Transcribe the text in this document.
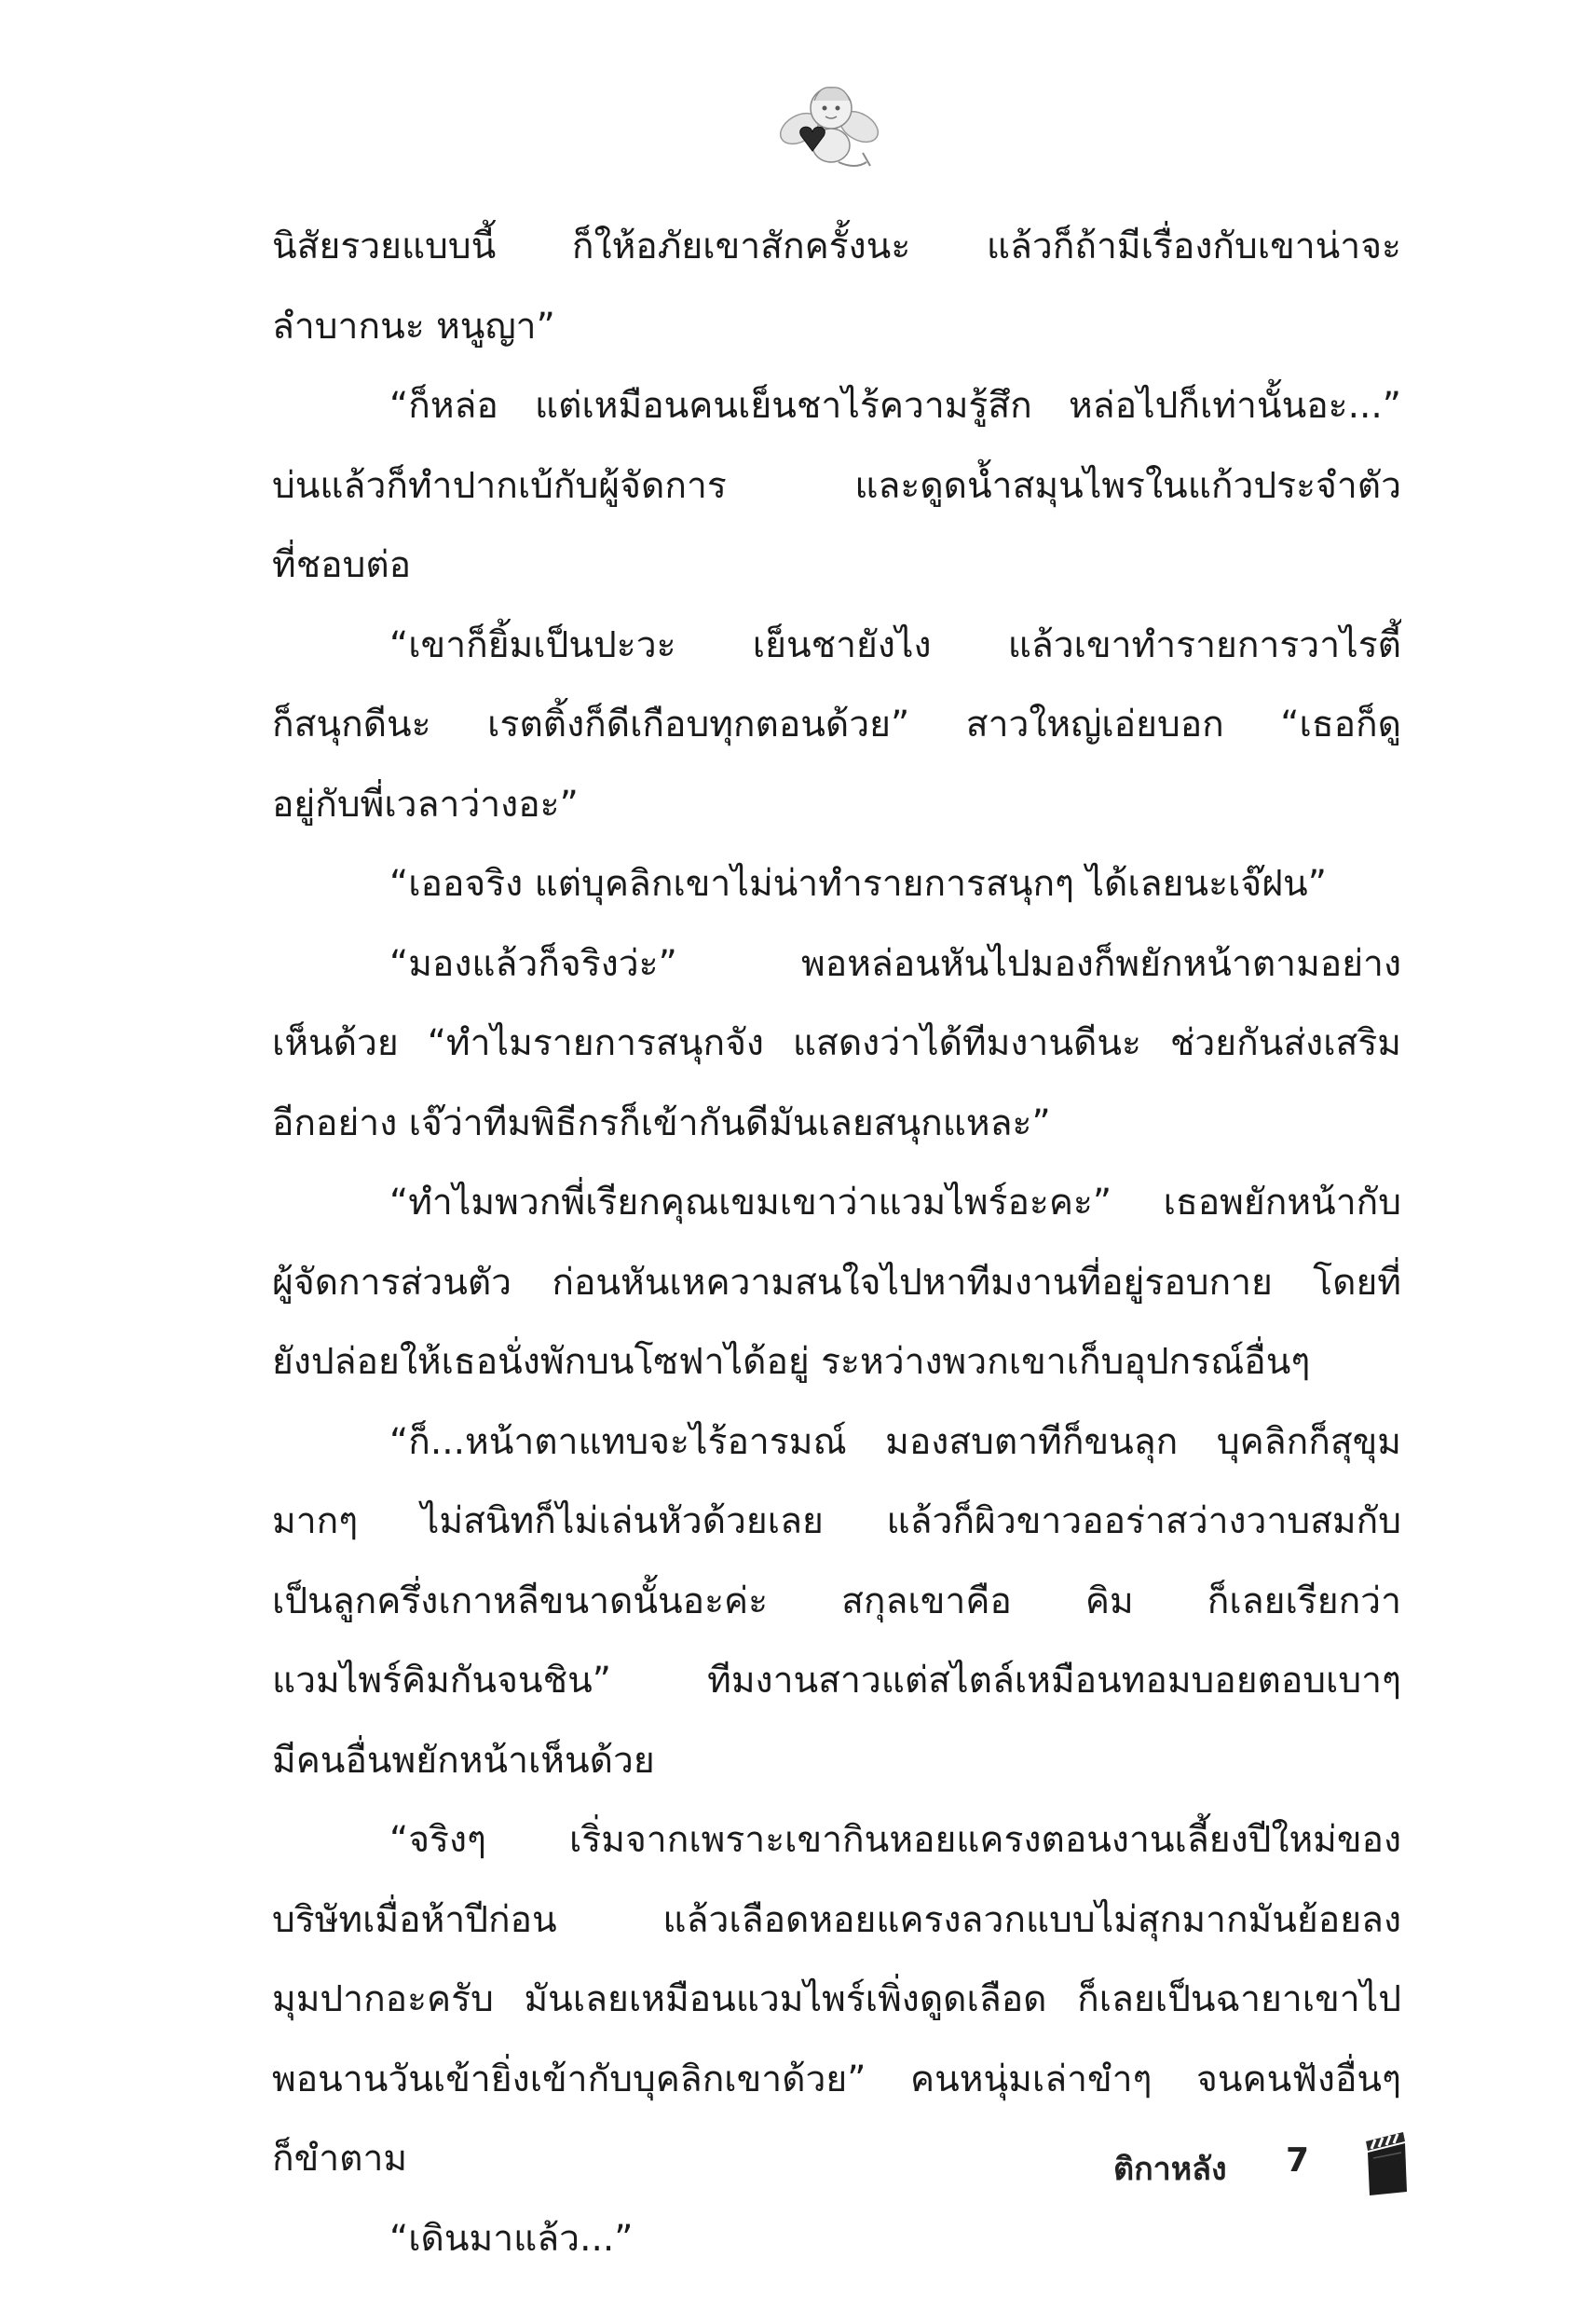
นิสัยรวยแบบนี้ ก็ให้อภัยเขาสักครั้งนะ แล้วก็ถ้ามีเรื่องกับเขาน่าจะ
ลำบากนะ หนูญา”
“ก็หล่อ แต่เหมือนคนเย็นชาไร้ความรู้สึก หล่อไปก็เท่านั้นอะ...”
บ่นแล้วก็ทำปากเบ้กับผู้จัดการ และดูดน้ำสมุนไพรในแก้วประจำตัว
ที่ชอบต่อ
“เขาก็ยิ้มเป็นปะวะ เย็นชายังไง แล้วเขาทำรายการวาไรตี้
ก็สนุกดีนะ เรตติ้งก็ดีเกือบทุกตอนด้วย” สาวใหญ่เอ่ยบอก “เธอก็ดู
อยู่กับพี่เวลาว่างอะ”
“เออจริง แต่บุคลิกเขาไม่น่าทำรายการสนุกๆ ได้เลยนะเจ๊ฝน”
“มองแล้วก็จริงว่ะ” พอหล่อนหันไปมองก็พยักหน้าตามอย่าง
เห็นด้วย “ทำไมรายการสนุกจัง แสดงว่าได้ทีมงานดีนะ ช่วยกันส่งเสริม
อีกอย่าง เจ๊ว่าทีมพิธีกรก็เข้ากันดีมันเลยสนุกแหละ”
“ทำไมพวกพี่เรียกคุณเขมเขาว่าแวมไพร์อะคะ” เธอพยักหน้ากับ
ผู้จัดการส่วนตัว ก่อนหันเหความสนใจไปหาทีมงานที่อยู่รอบกาย โดยที่
ยังปล่อยให้เธอนั่งพักบนโซฟาได้อยู่ ระหว่างพวกเขาเก็บอุปกรณ์อื่นๆ
“ก็...หน้าตาแทบจะไร้อารมณ์ มองสบตาทีก็ขนลุก บุคลิกก็สุขุม
มากๆ ไม่สนิทก็ไม่เล่นหัวด้วยเลย แล้วก็ผิวขาวออร่าสว่างวาบสมกับ
เป็นลูกครึ่งเกาหลีขนาดนั้นอะค่ะ สกุลเขาคือ คิม ก็เลยเรียกว่า
แวมไพร์คิมกันจนชิน” ทีมงานสาวแต่สไตล์เหมือนทอมบอยตอบเบาๆ
มีคนอื่นพยักหน้าเห็นด้วย
“จริงๆ เริ่มจากเพราะเขากินหอยแครงตอนงานเลี้ยงปีใหม่ของ
บริษัทเมื่อห้าปีก่อน แล้วเลือดหอยแครงลวกแบบไม่สุกมากมันย้อยลง
มุมปากอะครับ มันเลยเหมือนแวมไพร์เพิ่งดูดเลือด ก็เลยเป็นฉายาเขาไป
พอนานวันเข้ายิ่งเข้ากับบุคลิกเขาด้วย” คนหนุ่มเล่าขำๆ จนคนฟังอื่นๆ
ก็ขำตาม
“เดินมาแล้ว...”
ติกาหลัง 7
